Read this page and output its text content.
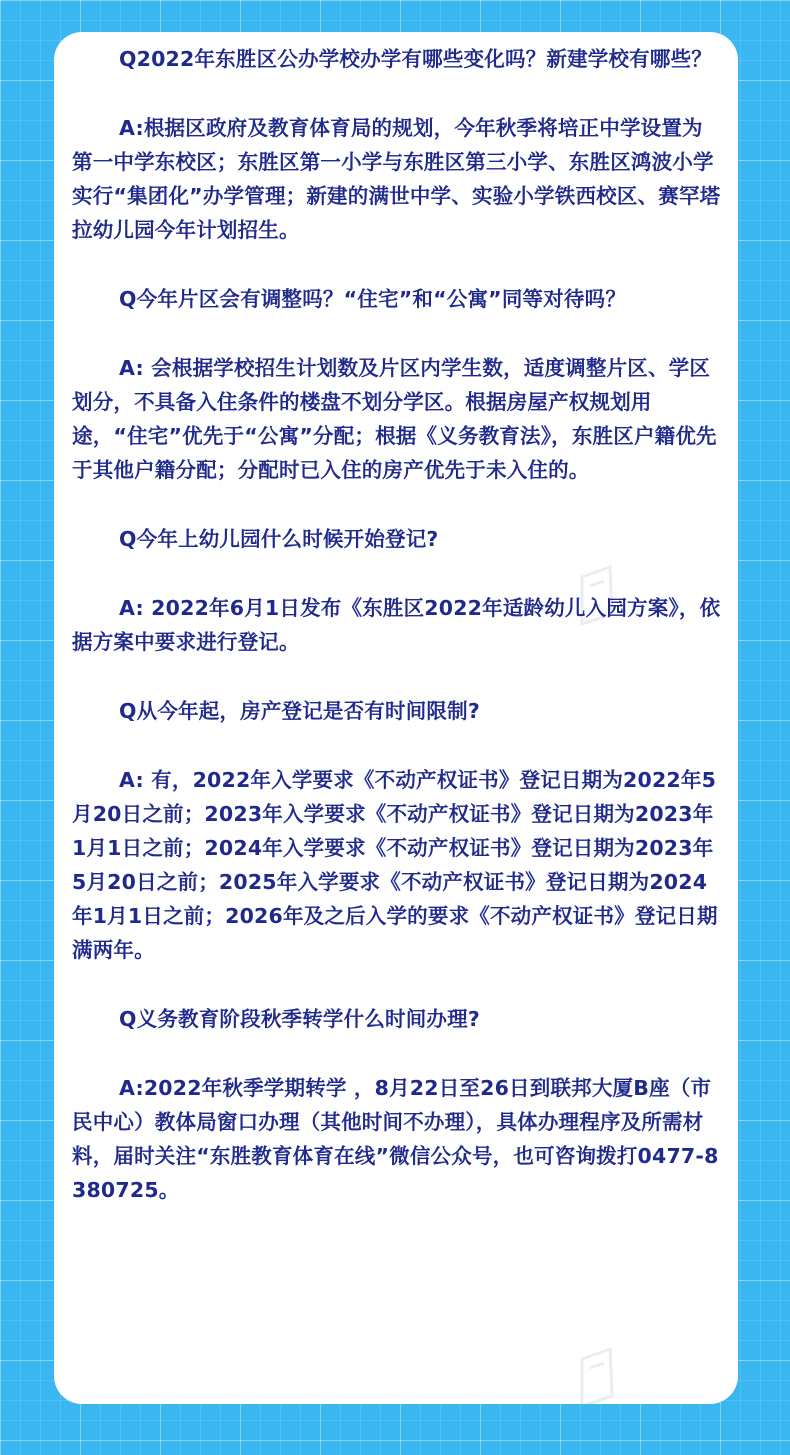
Q2022年东胜区公办学校办学有哪些变化吗？新建学校有哪些？

A:根据区政府及教育体育局的规划，今年秋季将培正中学设置为第一中学东校区；东胜区第一小学与东胜区第三小学、东胜区鸿波小学实行“集团化”办学管理；新建的满世中学、实验小学铁西校区、赛罕塔拉幼儿园今年计划招生。

Q今年片区会有调整吗？“住宅”和“公寓”同等对待吗？

A: 会根据学校招生计划数及片区内学生数，适度调整片区、学区划分，不具备入住条件的楼盘不划分学区。根据房屋产权规划用途，“住宅”优先于“公寓”分配；根据《义务教育法》，东胜区户籍优先于其他户籍分配；分配时已入住的房产优先于未入住的。

Q今年上幼儿园什么时候开始登记?

A: 2022年6月1日发布《东胜区2022年适龄幼儿入园方案》，依据方案中要求进行登记。

Q从今年起，房产登记是否有时间限制?

A: 有，2022年入学要求《不动产权证书》登记日期为2022年5月20日之前；2023年入学要求《不动产权证书》登记日期为2023年1月1日之前；2024年入学要求《不动产权证书》登记日期为2023年5月20日之前；2025年入学要求《不动产权证书》登记日期为2024年1月1日之前；2026年及之后入学的要求《不动产权证书》登记日期满两年。

Q义务教育阶段秋季转学什么时间办理?

A:2022年秋季学期转学 ，8月22日至26日到联邦大厦B座（市民中心）教体局窗口办理（其他时间不办理），具体办理程序及所需材料，届时关注“东胜教育体育在线”微信公众号，也可咨询拨打0477-8380725。
